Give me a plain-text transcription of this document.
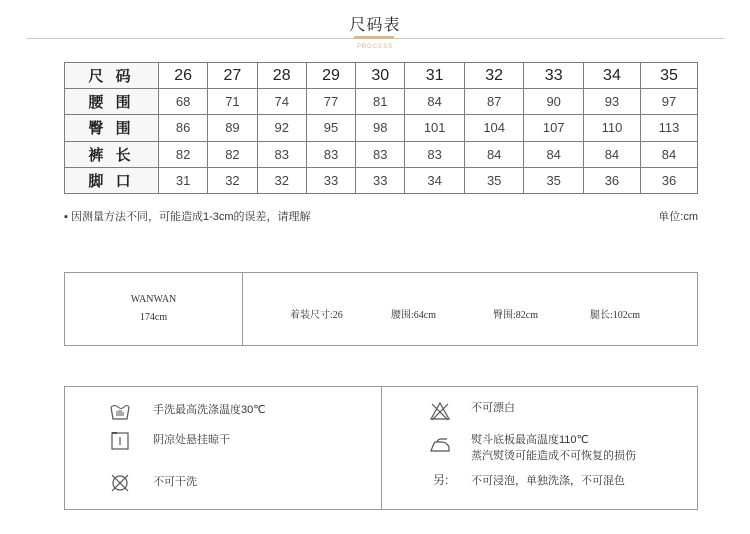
尺码表
PROCESS
尺 码	26	27	28	29	30	31	32	33	34	35
腰 围	68	71	74	77	81	84	87	90	93	97
臀 围	86	89	92	95	98	101	104	107	110	113
裤 长	82	82	83	83	83	83	84	84	84	84
脚 口	31	32	32	33	33	34	35	35	36	36
▪ 因测量方法不同，可能造成1-3cm的误差，请理解	单位:cm
WANWAN
174cm	着装尺寸:26	腰围:64cm	臀围:82cm	腿长:102cm
手洗最高洗涤温度30℃
阴凉处悬挂晾干
不可干洗
不可漂白
熨斗底板最高温度110℃
蒸汽熨烫可能造成不可恢复的损伤
另: 不可浸泡，单独洗涤，不可混色
